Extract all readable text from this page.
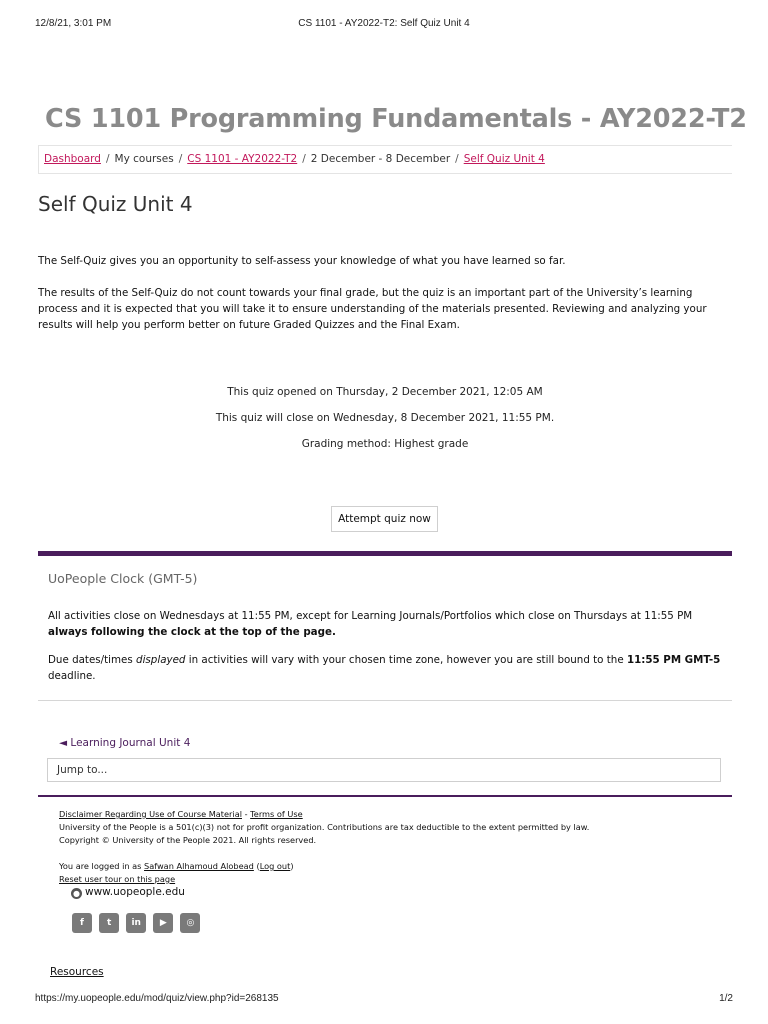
12/8/21, 3:01 PM	CS 1101 - AY2022-T2: Self Quiz Unit 4
CS 1101 Programming Fundamentals - AY2022-T2
Dashboard / My courses / CS 1101 - AY2022-T2 / 2 December - 8 December / Self Quiz Unit 4
Self Quiz Unit 4

The Self-Quiz gives you an opportunity to self-assess your knowledge of what you have learned so far.

The results of the Self-Quiz do not count towards your final grade, but the quiz is an important part of the University’s learning process and it is expected that you will take it to ensure understanding of the materials presented. Reviewing and analyzing your results will help you perform better on future Graded Quizzes and the Final Exam.

This quiz opened on Thursday, 2 December 2021, 12:05 AM
This quiz will close on Wednesday, 8 December 2021, 11:55 PM.
Grading method: Highest grade
Attempt quiz now
UoPeople Clock (GMT-5)

All activities close on Wednesdays at 11:55 PM, except for Learning Journals/Portfolios which close on Thursdays at 11:55 PM always following the clock at the top of the page.

Due dates/times displayed in activities will vary with your chosen time zone, however you are still bound to the 11:55 PM GMT-5 deadline.

◄ Learning Journal Unit 4
Jump to...
Disclaimer Regarding Use of Course Material - Terms of Use
University of the People is a 501(c)(3) not for profit organization. Contributions are tax deductible to the extent permitted by law.
Copyright © University of the People 2021. All rights reserved.
You are logged in as Safwan Alhamoud Alobead (Log out)
Reset user tour on this page
● www.uopeople.edu
f	t in ▶ ◎
Resources
https://my.uopeople.edu/mod/quiz/view.php?id=268135	1/2
